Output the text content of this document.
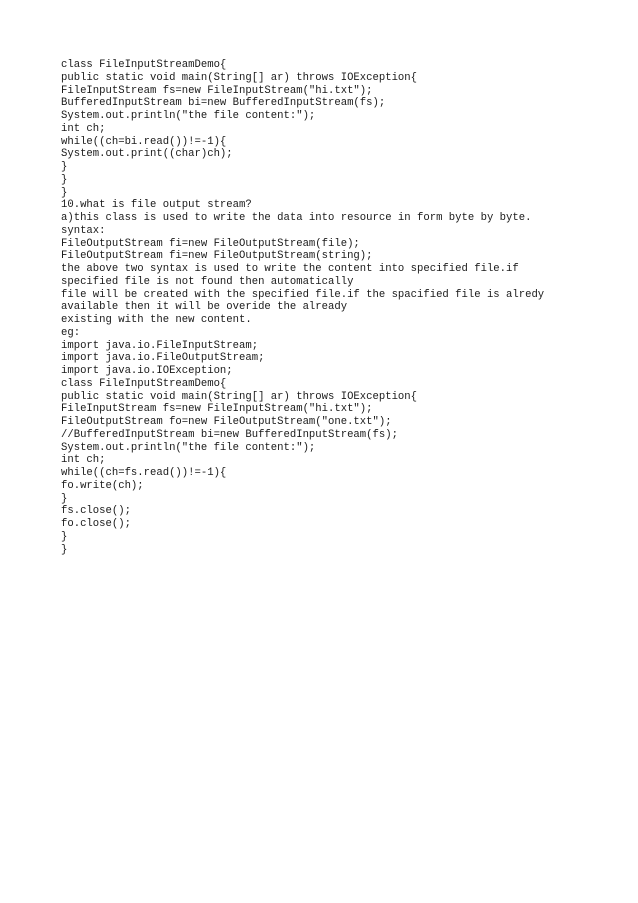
class FileInputStreamDemo{
public static void main(String[] ar) throws IOException{
FileInputStream fs=new FileInputStream("hi.txt");
BufferedInputStream bi=new BufferedInputStream(fs);
System.out.println("the file content:");
int ch;
while((ch=bi.read())!=-1){
System.out.print((char)ch);
}
}
}
10.what is file output stream?
a)this class is used to write the data into resource in form byte by byte.
syntax:
FileOutputStream fi=new FileOutputStream(file);
FileOutputStream fi=new FileOutputStream(string);
the above two syntax is used to write the content into specified file.if
specified file is not found then automatically
file will be created with the specified file.if the spacified file is alredy
available then it will be overide the already
existing with the new content.
eg:
import java.io.FileInputStream;
import java.io.FileOutputStream;
import java.io.IOException;
class FileInputStreamDemo{
public static void main(String[] ar) throws IOException{
FileInputStream fs=new FileInputStream("hi.txt");
FileOutputStream fo=new FileOutputStream("one.txt");
//BufferedInputStream bi=new BufferedInputStream(fs);
System.out.println("the file content:");
int ch;
while((ch=fs.read())!=-1){
fo.write(ch);
}
fs.close();
fo.close();
}
}
